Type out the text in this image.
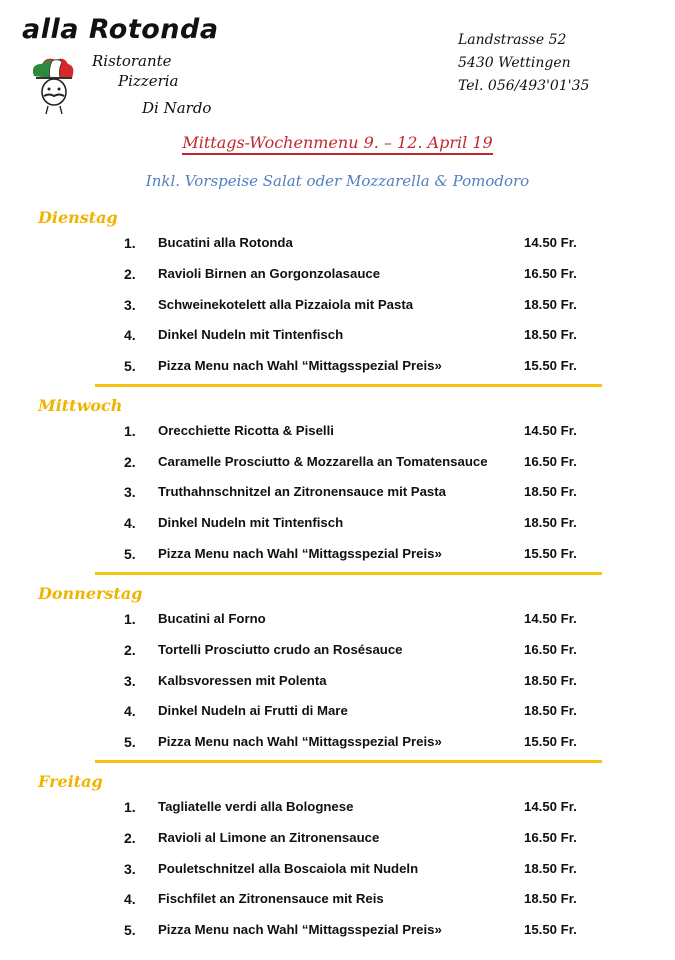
alla Rotonda
Ristorante
Pizzeria
Di Nardo
Landstrasse 52
5430 Wettingen
Tel. 056/493'01'35
Mittags-Wochenmenu 9. – 12. April 19
Inkl. Vorspeise Salat oder Mozzarella & Pomodoro
Dienstag
1.	Bucatini alla Rotonda	14.50 Fr.
2.	Ravioli Birnen an Gorgonzolasauce	16.50 Fr.
3.	Schweinekotelett alla Pizzaiola mit Pasta	18.50 Fr.
4.	Dinkel Nudeln mit Tintenfisch	18.50 Fr.
5.	Pizza Menu nach Wahl “Mittagsspezial Preis»	15.50 Fr.
Mittwoch
1.	Orecchiette Ricotta & Piselli	14.50 Fr.
2.	Caramelle Prosciutto & Mozzarella an Tomatensauce	16.50 Fr.
3.	Truthahnschnitzel an Zitronensauce mit Pasta	18.50 Fr.
4.	Dinkel Nudeln mit Tintenfisch	18.50 Fr.
5.	Pizza Menu nach Wahl “Mittagsspezial Preis»	15.50 Fr.
Donnerstag
1.	Bucatini al Forno	14.50 Fr.
2.	Tortelli Prosciutto crudo an Rosésauce	16.50 Fr.
3.	Kalbsvoressen mit Polenta	18.50 Fr.
4.	Dinkel Nudeln ai Frutti di Mare	18.50 Fr.
5.	Pizza Menu nach Wahl “Mittagsspezial Preis»	15.50 Fr.
Freitag
1.	Tagliatelle verdi alla Bolognese	14.50 Fr.
2.	Ravioli al Limone an Zitronensauce	16.50 Fr.
3.	Pouletschnitzel alla Boscaiola mit Nudeln	18.50 Fr.
4.	Fischfilet an Zitronensauce mit Reis	18.50 Fr.
5.	Pizza Menu nach Wahl “Mittagsspezial Preis»	15.50 Fr.
